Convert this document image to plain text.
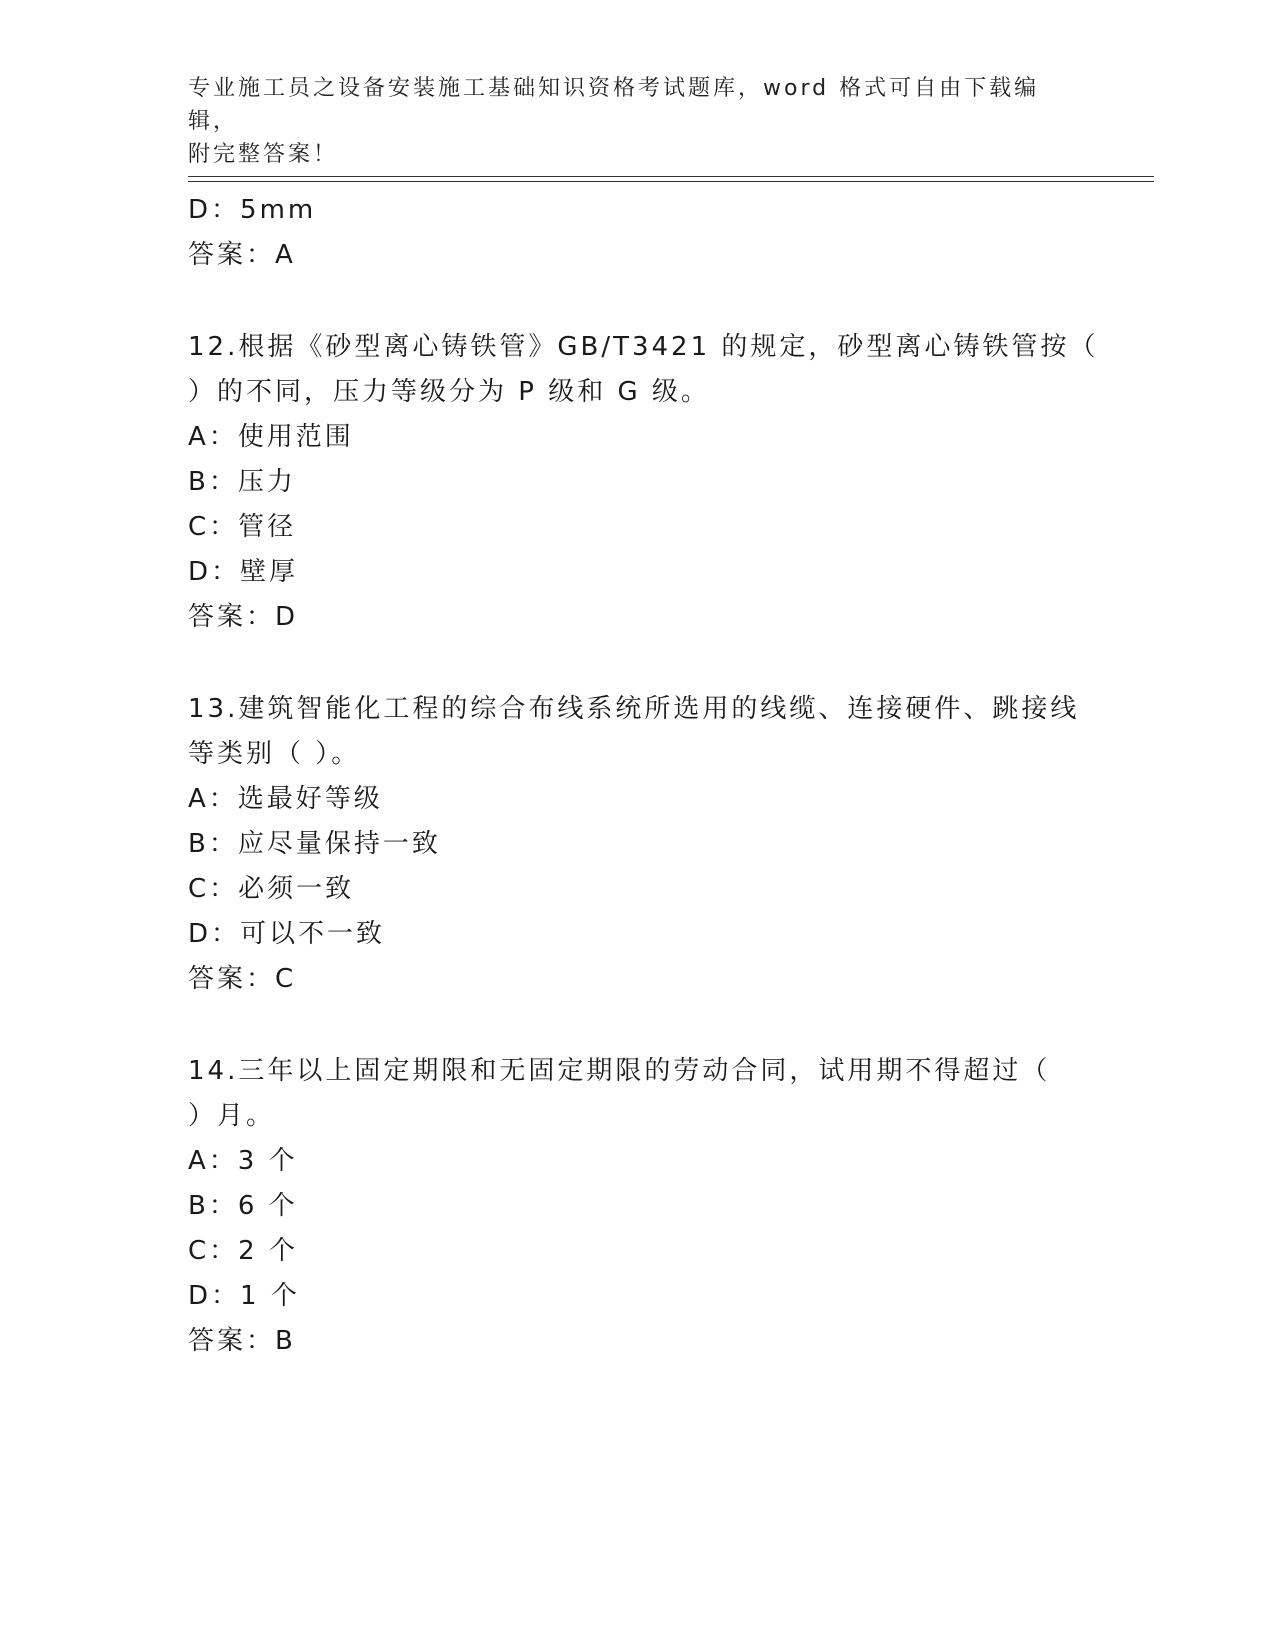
专业施工员之设备安装施工基础知识资格考试题库，word 格式可自由下载编辑，
附完整答案！
D：5mm
答案：A
12.根据《砂型离心铸铁管》GB/T3421 的规定，砂型离心铸铁管按（
）的不同，压力等级分为 P 级和 G 级。
A：使用范围
B：压力
C：管径
D：壁厚
答案：D
13.建筑智能化工程的综合布线系统所选用的线缆、连接硬件、跳接线
等类别（ ）。
A：选最好等级
B：应尽量保持一致
C：必须一致
D：可以不一致
答案：C
14.三年以上固定期限和无固定期限的劳动合同，试用期不得超过（
）月。
A：3 个
B：6 个
C：2 个
D：1 个
答案：B
